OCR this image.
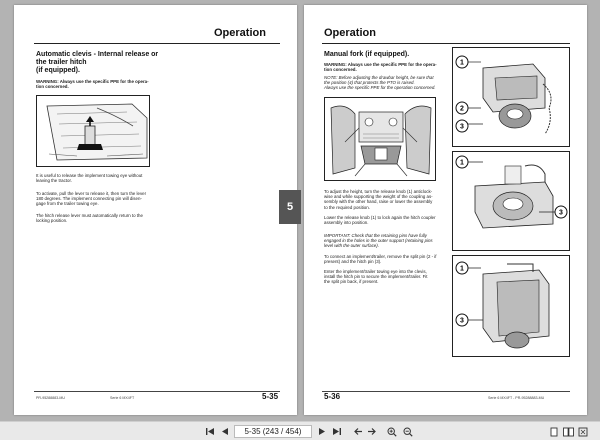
Operation
Automatic clevis - Internal release or
the trailer hitch
(if equipped).
WARNING: Always use the specific PPE for the opera-
tion concerned.
It is useful to release the implement towing eye without
leaving the tractor.
To activate, pull the lever to release it, then turn the lever
180 degrees. The implement connecting pin will disen-
gage from the trailer towing eye.
The hitch release lever must automatically return to the
locking position.
PR-95288883-MU	Serie 6 MX4FT	5-35
5
Operation
Manual fork (if equipped).
WARNING: Always use the specific PPE for the opera-
tion concerned.
NOTE: Before adjusting the drawbar height, be sure that
the position (4) that protects the PTO is raised.
Always use the specific PPE for the operation concerned.
To adjust the height, turn the release knob (1) anticlock-
wise and while supporting the weight of the coupling as-
sembly with the other hand, raise or lower the assembly
to the required position.
Lower the release knob (1) to lock again the hitch coupler
assembly into position.
IMPORTANT: Check that the retaining pins have fully
engaged in the holes in the outer support (retaining pins
level with the outer surface).
To connect an implement/trailer, remove the split pin (2 - if
present) and the hitch pin (3).
Enter the implement/trailer towing eye into the clevis,
install the hitch pin to secure the implement/trailer. Fit
the split pin back, if present.
1
2
3
1
3
1
3
5-36	Serie 6 MX4FT - PR-95288883-MU
5-35 (243 / 454)
